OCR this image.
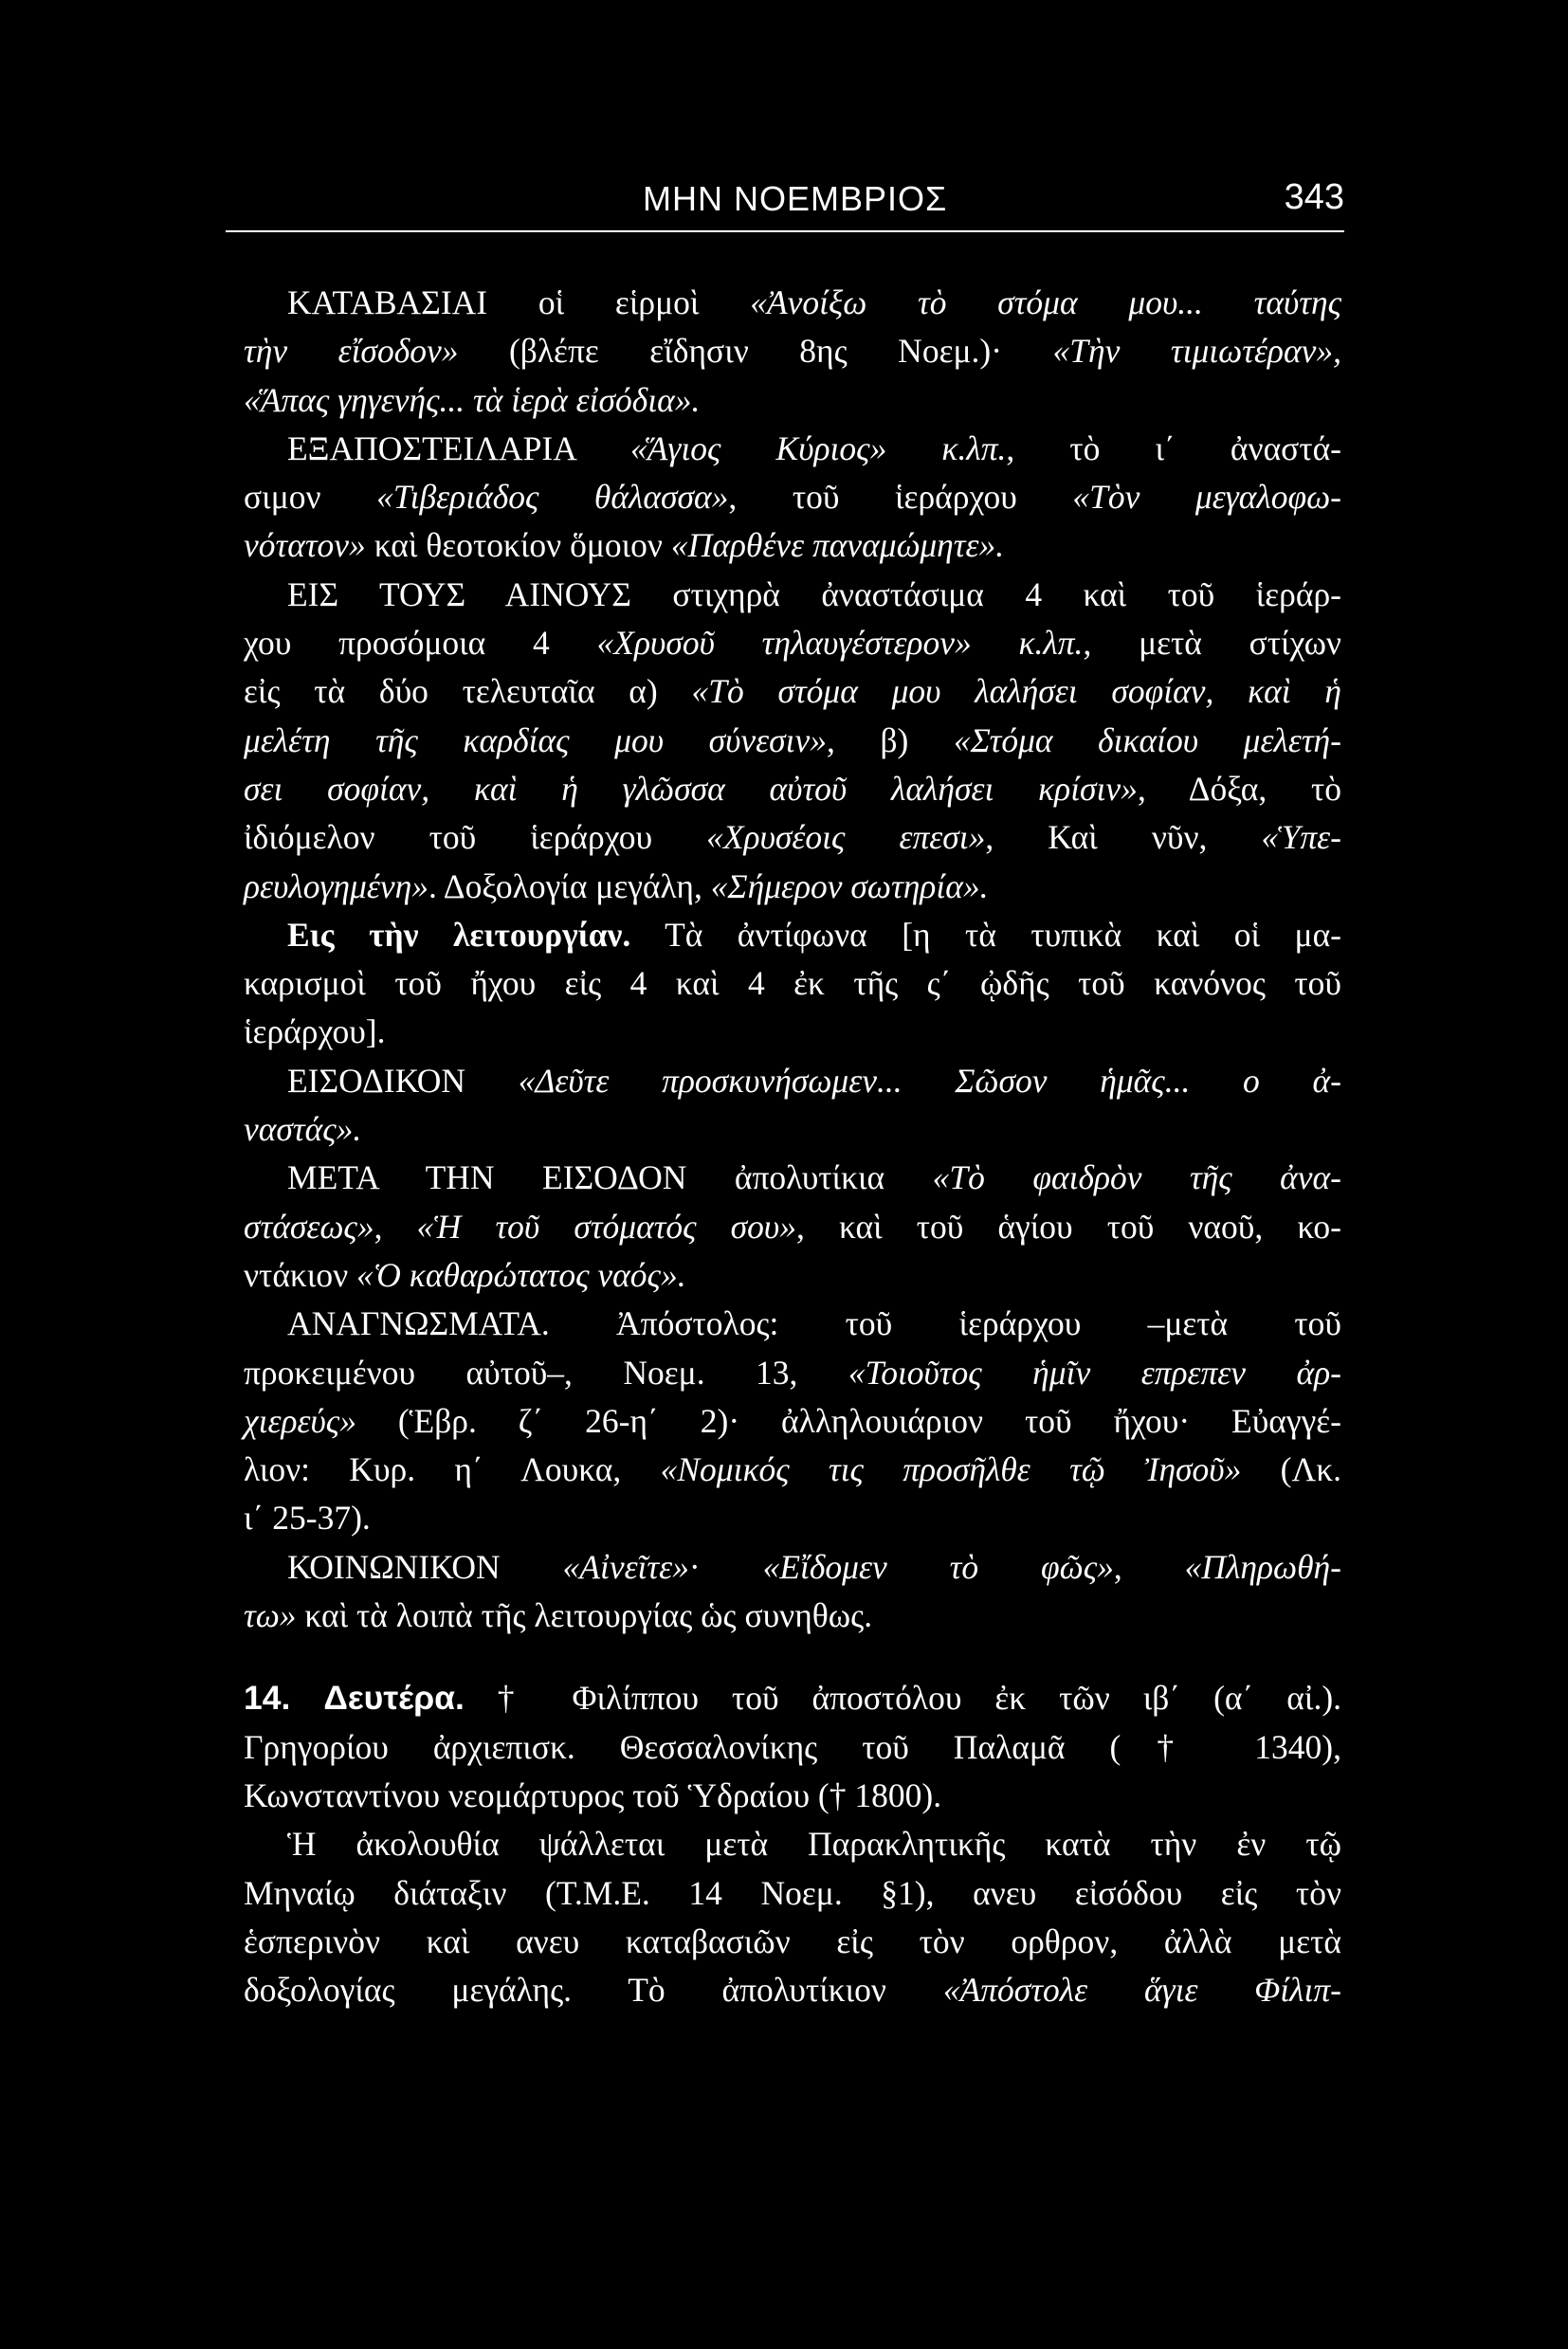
ΜΗΝ ΝΟΕΜΒΡΙΟΣ	343

ΚΑΤΑΒΑΣΙΑΙ οἱ εἱρμοὶ «Ἀνοίξω τὸ στόμα μου... ταύτης
τὴν εἴσοδον» (βλέπε εἴδησιν 8ης Νοεμ.)· «Τὴν τιμιωτέραν»,
«Ἅπας γηγενής... τὰ ἱερὰ εἰσόδια».

ΕΞΑΠΟΣΤΕΙΛΑΡΙΑ «Ἅγιος Κύριος» κ.λπ., τὸ ι΄ ἀναστά-
σιμον «Τιβεριάδος θάλασσα», τοῦ ἱεράρχου «Τὸν μεγαλοφω-
νότατον» καὶ θεοτοκίον ὅμοιον «Παρθένε παναμώμητε».

ΕΙΣ ΤΟΥΣ ΑΙΝΟΥΣ στιχηρὰ ἀναστάσιμα 4 καὶ τοῦ ἱεράρ-
χου προσόμοια 4 «Χρυσοῦ τηλαυγέστερον» κ.λπ., μετὰ στίχων
εἰς τὰ δύο τελευταῖα α) «Τὸ στόμα μου λαλήσει σοφίαν, καὶ ἡ
μελέτη τῆς καρδίας μου σύνεσιν», β) «Στόμα δικαίου μελετή-
σει σοφίαν, καὶ ἡ γλῶσσα αὐτοῦ λαλήσει κρίσιν», Δόξα, τὸ
ἰδιόμελον τοῦ ἱεράρχου «Χρυσέοις επεσι», Καὶ νῦν, «Ὑπε-
ρευλογημένη». Δοξολογία μεγάλη, «Σήμερον σωτηρία».

Εις τὴν λειτουργίαν. Τὰ ἀντίφωνα [η τὰ τυπικὰ καὶ οἱ μα-
καρισμοὶ τοῦ ἤχου εἰς 4 καὶ 4 ἐκ τῆς ς΄ ᾠδῆς τοῦ κανόνος τοῦ
ἱεράρχου].

ΕΙΣΟΔΙΚΟΝ «Δεῦτε προσκυνήσωμεν... Σῶσον ἡμᾶς... ο ἀ-
ναστάς».

ΜΕΤΑ ΤΗΝ ΕΙΣΟΔΟΝ ἀπολυτίκια «Τὸ φαιδρὸν τῆς ἀνα-
στάσεως», «Ἡ τοῦ στόματός σου», καὶ τοῦ ἁγίου τοῦ ναοῦ, κο-
ντάκιον «Ὁ καθαρώτατος ναός».

ΑΝΑΓΝΩΣΜΑΤΑ. Ἀπόστολος: τοῦ ἱεράρχου –μετὰ τοῦ
προκειμένου αὐτοῦ–, Νοεμ. 13, «Τοιοῦτος ἡμῖν επρεπεν ἀρ-
χιερεύς» (Ἑβρ. ζ΄ 26-η΄ 2)· ἀλληλουιάριον τοῦ ἤχου· Εὐαγγέ-
λιον: Κυρ. η΄ Λουκα, «Νομικός τις προσῆλθε τῷ Ἰησοῦ» (Λκ.
ι΄ 25-37).

ΚΟΙΝΩΝΙΚΟΝ «Αἰνεῖτε»· «Εἴδομεν τὸ φῶς», «Πληρωθή-
τω» καὶ τὰ λοιπὰ τῆς λειτουργίας ὡς συνηθως.

14. Δευτέρα. † Φιλίππου τοῦ ἀποστόλου ἐκ τῶν ιβ΄ (α΄ αἰ.).
Γρηγορίου ἀρχιεπισκ. Θεσσαλονίκης τοῦ Παλαμᾶ († 1340),
Κωνσταντίνου νεομάρτυρος τοῦ Ὑδραίου († 1800).

Ἡ ἀκολουθία ψάλλεται μετὰ Παρακλητικῆς κατὰ τὴν ἐν τῷ
Μηναίῳ διάταξιν (Τ.Μ.Ε. 14 Νοεμ. §1), ανευ εἰσόδου εἰς τὸν
ἑσπερινὸν καὶ ανευ καταβασιῶν εἰς τὸν ορθρον, ἀλλὰ μετὰ
δοξολογίας μεγάλης. Τὸ ἀπολυτίκιον «Ἀπόστολε ἅγιε Φίλιπ-
